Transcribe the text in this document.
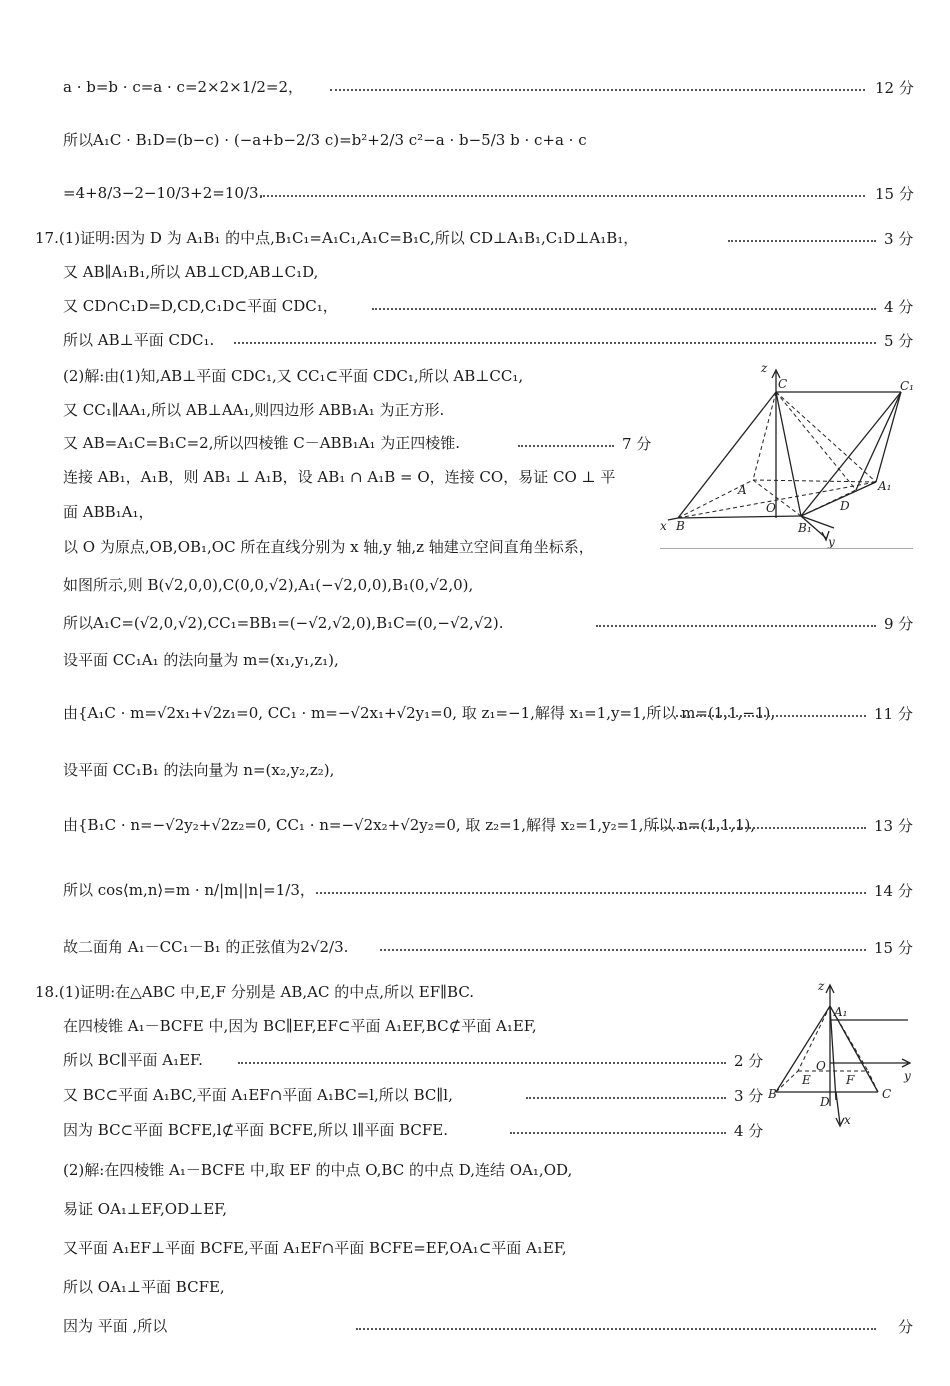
a · b=b · c=a · c=2×2×1/2=2，	12 分
所以A₁C · B₁D=(b−c) · (−a+b−2/3 c)=b²+2/3 c²−a · b−5/3 b · c+a · c
=4+8/3−2−10/3+2=10/3.	15 分
17.(1)证明:因为 D 为 A₁B₁ 的中点,B₁C₁=A₁C₁,A₁C=B₁C,所以 CD⊥A₁B₁,C₁D⊥A₁B₁，	3 分
又 AB∥A₁B₁,所以 AB⊥CD,AB⊥C₁D,
又 CD∩C₁D=D,CD,C₁D⊂平面 CDC₁，	4 分
所以 AB⊥平面 CDC₁.	5 分
(2)解:由(1)知,AB⊥平面 CDC₁,又 CC₁⊂平面 CDC₁,所以 AB⊥CC₁,
又 CC₁∥AA₁,所以 AB⊥AA₁,则四边形 ABB₁A₁ 为正方形.
又 AB=A₁C=B₁C=2,所以四棱锥 C－ABB₁A₁ 为正四棱锥.	7 分
连接 AB₁，A₁B，则 AB₁ ⊥ A₁B，设 AB₁ ∩ A₁B = O，连接 CO，易证 CO ⊥ 平
面 ABB₁A₁，
以 O 为原点,OB,OB₁,OC 所在直线分别为 x 轴,y 轴,z 轴建立空间直角坐标系，
z
C	C₁
A	A₁
O	D
x B	B₁
y
如图所示,则 B(√2,0,0),C(0,0,√2),A₁(−√2,0,0),B₁(0,√2,0),
所以A₁C=(√2,0,√2),CC₁=BB₁=(−√2,√2,0),B₁C=(0,−√2,√2).	9 分
设平面 CC₁A₁ 的法向量为 m=(x₁,y₁,z₁),
由{A₁C · m=√2x₁+√2z₁=0, CC₁ · m=−√2x₁+√2y₁=0, 取 z₁=−1,解得 x₁=1,y=1,所以 m=(1,1,−1),	11 分
设平面 CC₁B₁ 的法向量为 n=(x₂,y₂,z₂),
由{B₁C · n=−√2y₂+√2z₂=0, CC₁ · n=−√2x₂+√2y₂=0, 取 z₂=1,解得 x₂=1,y₂=1,所以 n=(1,1,1),	13 分
所以 cos⟨m,n⟩=m · n/|m||n|=1/3，	14 分
故二面角 A₁－CC₁－B₁ 的正弦值为2√2/3.	15 分
18.(1)证明:在△ABC 中,E,F 分别是 AB,AC 的中点,所以 EF∥BC.
在四棱锥 A₁－BCFE 中,因为 BC∥EF,EF⊂平面 A₁EF,BC⊄平面 A₁EF,
所以 BC∥平面 A₁EF.	2 分
又 BC⊂平面 A₁BC,平面 A₁EF∩平面 A₁BC=l,所以 BC∥l,	3 分
因为 BC⊂平面 BCFE,l⊄平面 BCFE,所以 l∥平面 BCFE.	4 分
z
A₁
O
E	F	y
B	C
D
x
(2)解:在四棱锥 A₁－BCFE 中,取 EF 的中点 O,BC 的中点 D,连结 OA₁,OD,
易证 OA₁⊥EF,OD⊥EF,
又平面 A₁EF⊥平面 BCFE,平面 A₁EF∩平面 BCFE=EF,OA₁⊂平面 A₁EF,
所以 OA₁⊥平面 BCFE,
因为 平面 ,所以	分
